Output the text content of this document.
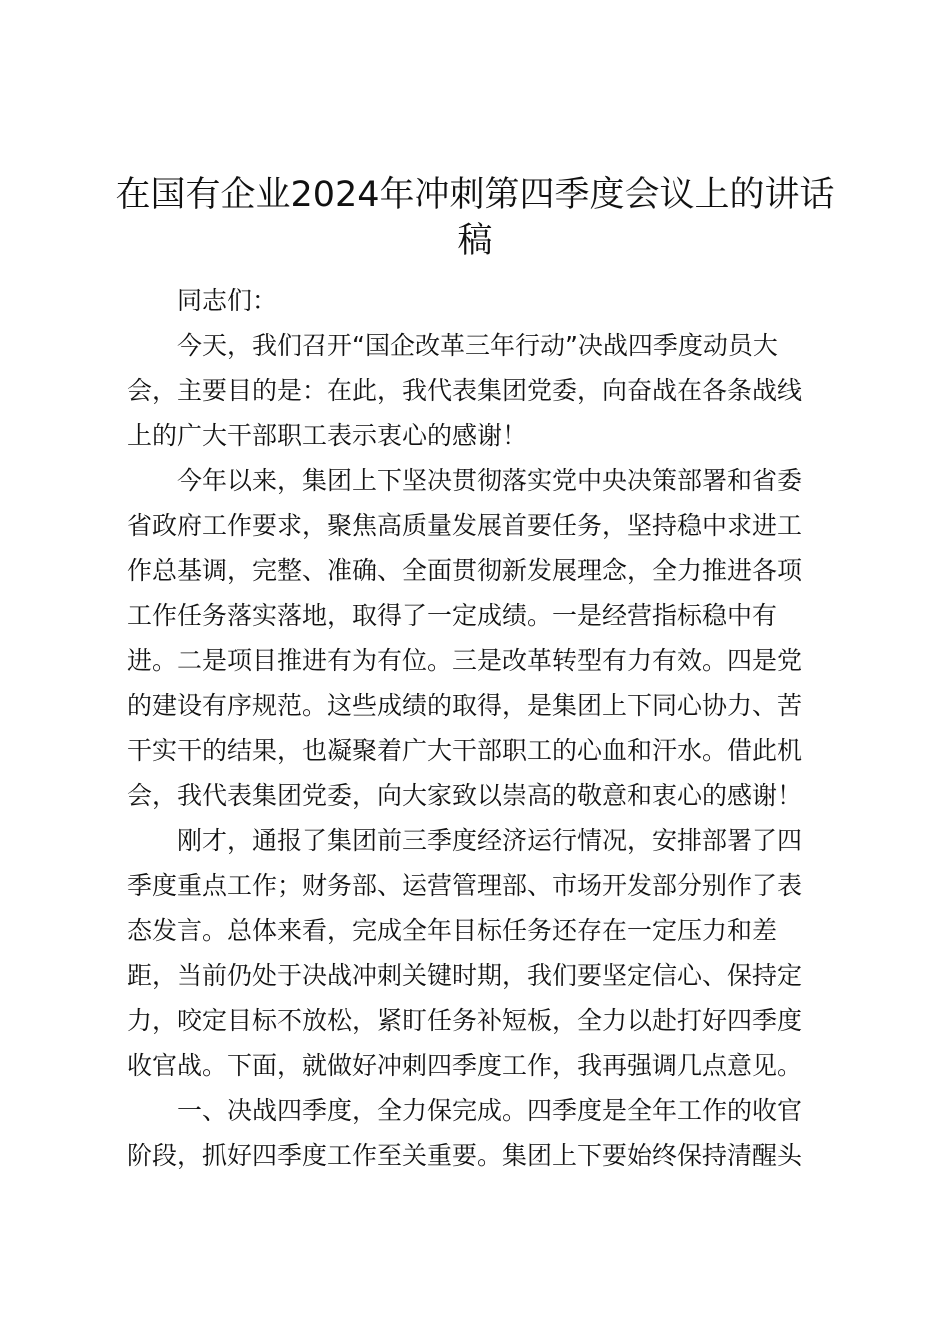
在国有企业2024年冲刺第四季度会议上的讲话稿

同志们：

今天，我们召开“国企改革三年行动”决战四季度动员大
会，主要目的是：在此，我代表集团党委，向奋战在各条战线
上的广大干部职工表示衷心的感谢！

今年以来，集团上下坚决贯彻落实党中央决策部署和省委
省政府工作要求，聚焦高质量发展首要任务，坚持稳中求进工
作总基调，完整、准确、全面贯彻新发展理念，全力推进各项
工作任务落实落地，取得了一定成绩。一是经营指标稳中有
进。二是项目推进有为有位。三是改革转型有力有效。四是党
的建设有序规范。这些成绩的取得，是集团上下同心协力、苦
干实干的结果，也凝聚着广大干部职工的心血和汗水。借此机
会，我代表集团党委，向大家致以崇高的敬意和衷心的感谢！

刚才，通报了集团前三季度经济运行情况，安排部署了四
季度重点工作；财务部、运营管理部、市场开发部分别作了表
态发言。总体来看，完成全年目标任务还存在一定压力和差
距，当前仍处于决战冲刺关键时期，我们要坚定信心、保持定
力，咬定目标不放松，紧盯任务补短板，全力以赴打好四季度
收官战。下面，就做好冲刺四季度工作，我再强调几点意见。

一、决战四季度，全力保完成。四季度是全年工作的收官
阶段，抓好四季度工作至关重要。集团上下要始终保持清醒头
